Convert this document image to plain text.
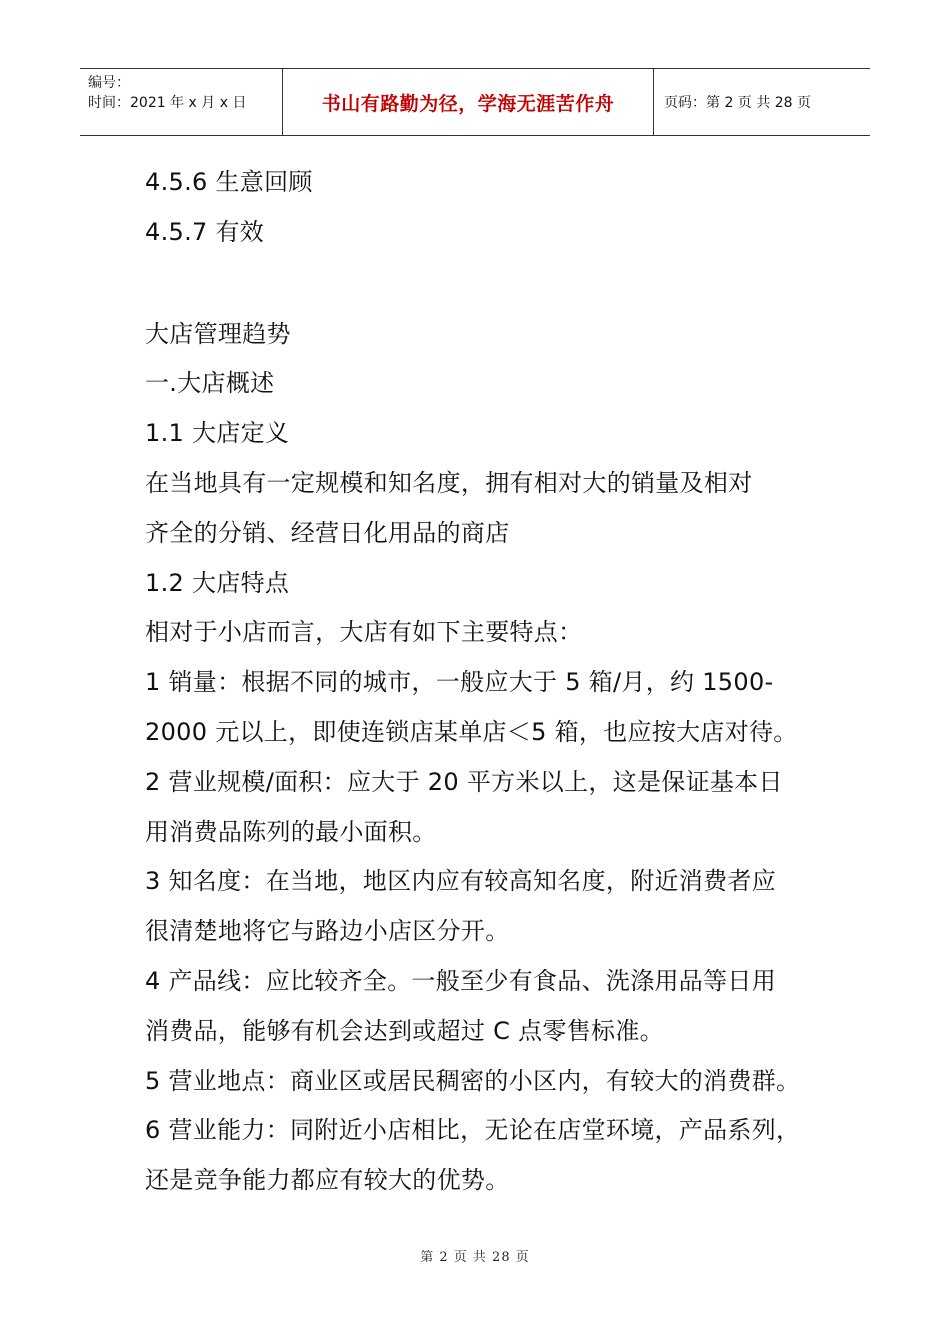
编号：
时间：2021 年 x 月 x 日	书山有路勤为径，学海无涯苦作舟	页码：第 2 页 共 28 页
4.5.6 生意回顾
4.5.7 有效
大店管理趋势
一.大店概述
1.1 大店定义
在当地具有一定规模和知名度，拥有相对大的销量及相对
齐全的分销、经营日化用品的商店
1.2 大店特点
相对于小店而言，大店有如下主要特点：
1 销量：根据不同的城市，一般应大于 5 箱/月，约 1500-
2000 元以上，即使连锁店某单店＜5 箱，也应按大店对待。
2 营业规模/面积：应大于 20 平方米以上，这是保证基本日
用消费品陈列的最小面积。
3 知名度：在当地，地区内应有较高知名度，附近消费者应
很清楚地将它与路边小店区分开。
4 产品线：应比较齐全。一般至少有食品、洗涤用品等日用
消费品，能够有机会达到或超过 C 点零售标准。
5 营业地点：商业区或居民稠密的小区内，有较大的消费群。
6 营业能力：同附近小店相比，无论在店堂环境，产品系列，
还是竞争能力都应有较大的优势。
第 2 页 共 28 页
